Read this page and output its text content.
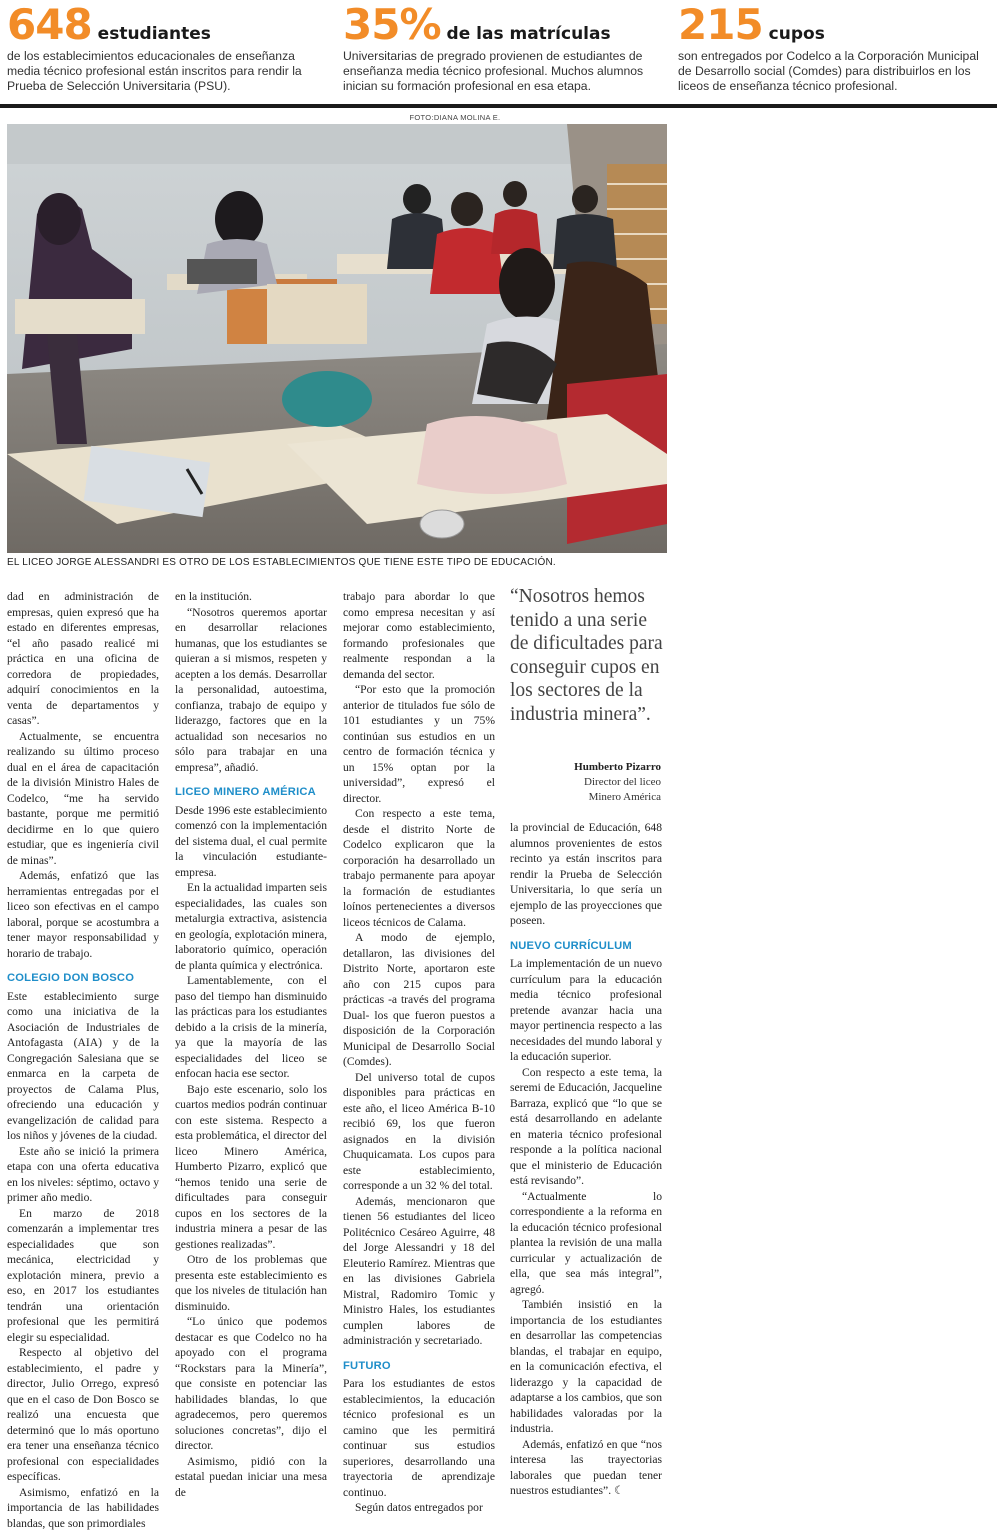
648 estudiantes

de los establecimientos educacionales de enseñanza media técnico profesional están inscritos para rendir la Prueba de Selección Universitaria (PSU).

35% de las matrículas

Universitarias de pregrado provienen de estudiantes de enseñanza media técnico profesional. Muchos alumnos inician su formación profesional en esa etapa.

215 cupos

son entregados por Codelco a la Corporación Municipal de Desarrollo social (Comdes) para distribuirlos en los liceos de enseñanza técnico profesional.

FOTO:DIANA MOLINA E.
EL LICEO JORGE ALESSANDRI ES OTRO DE LOS ESTABLECIMIENTOS QUE TIENE ESTE TIPO DE EDUCACIÓN.

dad en administración de empresas, quien expresó que ha estado en diferentes empresas, “el año pasado realicé mi práctica en una oficina de corredora de propiedades, adquirí conocimientos en la venta de departamentos y casas”.

Actualmente, se encuentra realizando su último proceso dual en el área de capacitación de la división Ministro Hales de Codelco, “me ha servido bastante, porque me permitió decidirme en lo que quiero estudiar, que es ingeniería civil de minas”.

Además, enfatizó que las herramientas entregadas por el liceo son efectivas en el campo laboral, porque se acostumbra a tener mayor responsabilidad y horario de trabajo.

COLEGIO DON BOSCO

Este establecimiento surge como una iniciativa de la Asociación de Industriales de Antofagasta (AIA) y de la Congregación Salesiana que se enmarca en la carpeta de proyectos de Calama Plus, ofreciendo una educación y evangelización de calidad para los niños y jóvenes de la ciudad.

Este año se inició la primera etapa con una oferta educativa en los niveles: séptimo, octavo y primer año medio.

En marzo de 2018 comenzarán a implementar tres especialidades que son mecánica, electricidad y explotación minera, previo a eso, en 2017 los estudiantes tendrán una orientación profesional que les permitirá elegir su especialidad.

Respecto al objetivo del establecimiento, el padre y director, Julio Orrego, expresó que en el caso de Don Bosco se realizó una encuesta que determinó que lo más oportuno era tener una enseñanza técnico profesional con especialidades específicas.

Asimismo, enfatizó en la importancia de las habilidades blandas, que son primordiales

en la institución.

“Nosotros queremos aportar en desarrollar relaciones humanas, que los estudiantes se quieran a si mismos, respeten y acepten a los demás. Desarrollar la personalidad, autoestima, confianza, trabajo de equipo y liderazgo, factores que en la actualidad son necesarios no sólo para trabajar en una empresa”, añadió.

LICEO MINERO AMÉRICA

Desde 1996 este establecimiento comenzó con la implementación del sistema dual, el cual permite la vinculación estudiante-empresa.

En la actualidad imparten seis especialidades, las cuales son metalurgia extractiva, asistencia en geología, explotación minera, laboratorio químico, operación de planta química y electrónica.

Lamentablemente, con el paso del tiempo han disminuido las prácticas para los estudiantes debido a la crisis de la minería, ya que la mayoría de las especialidades del liceo se enfocan hacia ese sector.

Bajo este escenario, solo los cuartos medios podrán continuar con este sistema. Respecto a esta problemática, el director del liceo Minero América, Humberto Pizarro, explicó que “hemos tenido una serie de dificultades para conseguir cupos en los sectores de la industria minera a pesar de las gestiones realizadas”.

Otro de los problemas que presenta este establecimiento es que los niveles de titulación han disminuido.

“Lo único que podemos destacar es que Codelco no ha apoyado con el programa “Rockstars para la Minería”, que consiste en potenciar las habilidades blandas, lo que agradecemos, pero queremos soluciones concretas”, dijo el director.

Asimismo, pidió con la estatal puedan iniciar una mesa de

trabajo para abordar lo que como empresa necesitan y así mejorar como establecimiento, formando profesionales que realmente respondan a la demanda del sector.

“Por esto que la promoción anterior de titulados fue sólo de 101 estudiantes y un 75% continúan sus estudios en un centro de formación técnica y un 15% optan por la universidad”, expresó el director.

Con respecto a este tema, desde el distrito Norte de Codelco explicaron que la corporación ha desarrollado un trabajo permanente para apoyar la formación de estudiantes loínos pertenecientes a diversos liceos técnicos de Calama.

A modo de ejemplo, detallaron, las divisiones del Distrito Norte, aportaron este año con 215 cupos para prácticas -a través del programa Dual- los que fueron puestos a disposición de la Corporación Municipal de Desarrollo Social (Comdes).

Del universo total de cupos disponibles para prácticas en este año, el liceo América B-10 recibió 69, los que fueron asignados en la división Chuquicamata. Los cupos para este establecimiento, corresponde a un 32 % del total.

Además, mencionaron que tienen 56 estudiantes del liceo Politécnico Cesáreo Aguirre, 48 del Jorge Alessandri y 18 del Eleuterio Ramírez. Mientras que en las divisiones Gabriela Mistral, Radomiro Tomic y Ministro Hales, los estudiantes cumplen labores de administración y secretariado.

FUTURO

Para los estudiantes de estos establecimientos, la educación técnico profesional es un camino que les permitirá continuar sus estudios superiores, desarrollando una trayectoria de aprendizaje continuo.

Según datos entregados por

“Nosotros hemos tenido a una serie de dificultades para conseguir cupos en los sectores de la industria minera”.
Humberto Pizarro
Director del liceo
Minero América

la provincial de Educación, 648 alumnos provenientes de estos recinto ya están inscritos para rendir la Prueba de Selección Universitaria, lo que sería un ejemplo de las proyecciones que poseen.

NUEVO CURRÍCULUM

La implementación de un nuevo currículum para la educación media técnico profesional pretende avanzar hacia una mayor pertinencia respecto a las necesidades del mundo laboral y la educación superior.

Con respecto a este tema, la seremi de Educación, Jacqueline Barraza, explicó que “lo que se está desarrollando en adelante en materia técnico profesional responde a la política nacional que el ministerio de Educación está revisando”.

“Actualmente lo correspondiente a la reforma en la educación técnico profesional plantea la revisión de una malla curricular y actualización de ella, que sea más integral”, agregó.

También insistió en la importancia de los estudiantes en desarrollar las competencias blandas, el trabajar en equipo, en la comunicación efectiva, el liderazgo y la capacidad de adaptarse a los cambios, que son habilidades valoradas por la industria.

Además, enfatizó en que “nos interesa las trayectorias laborales que puedan tener nuestros estudiantes”. ☾
